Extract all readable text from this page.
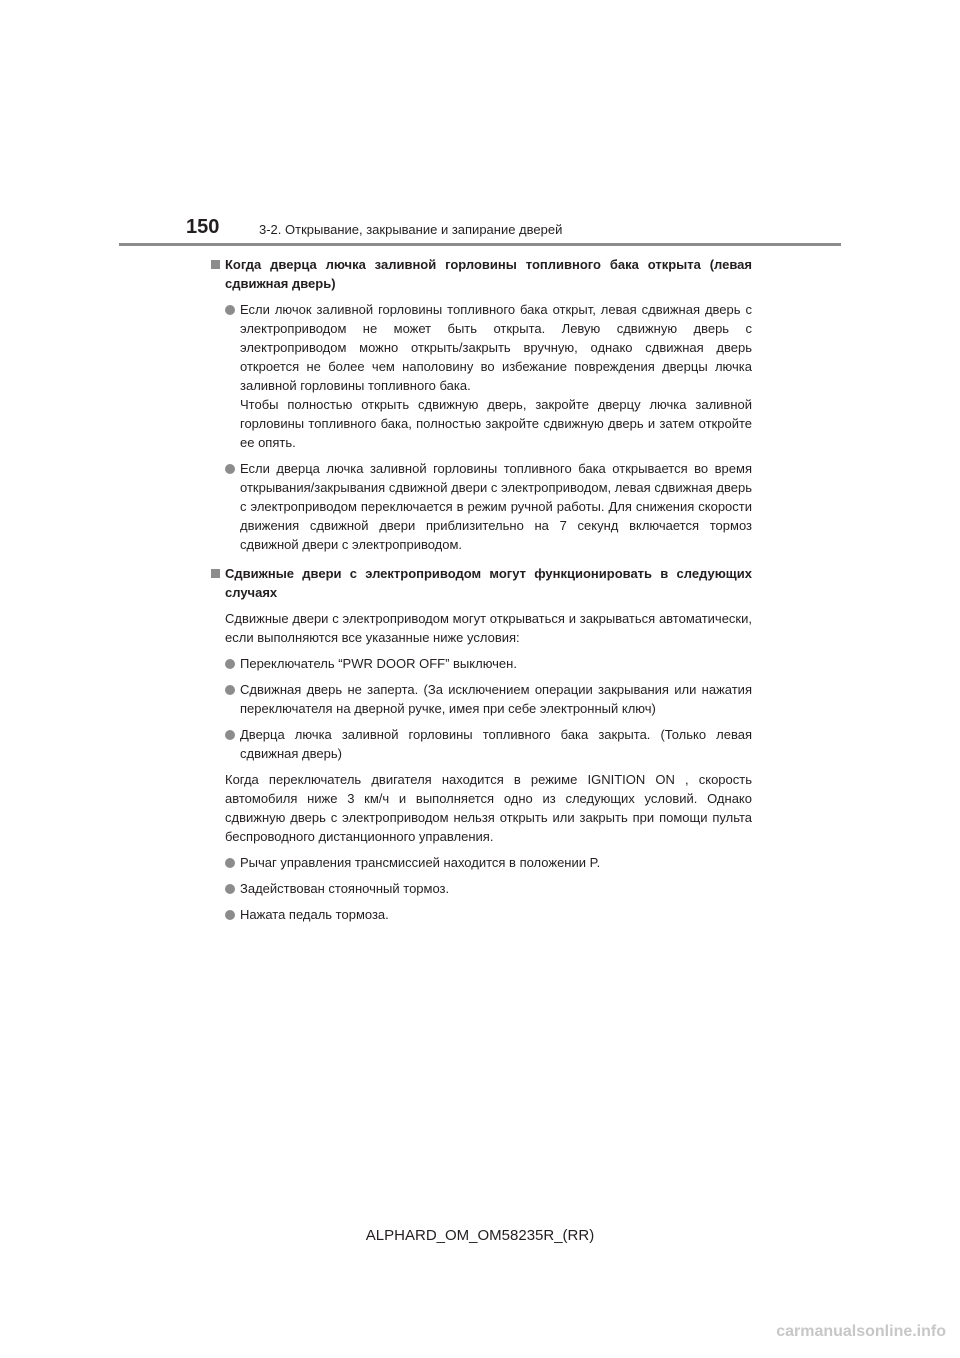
150	3-2. Открывание, закрывание и запирание дверей
Когда дверца лючка заливной горловины топливного бака открыта (левая сдвижная дверь)

Если лючок заливной горловины топливного бака открыт, левая сдвижная дверь с электроприводом не может быть открыта. Левую сдвижную дверь с электроприводом можно открыть/закрыть вручную, однако сдвижная дверь откроется не более чем наполовину во избежание повреждения дверцы лючка заливной горловины топливного бака.

Чтобы полностью открыть сдвижную дверь, закройте дверцу лючка заливной горловины топливного бака, полностью закройте сдвижную дверь и затем откройте ее опять.

Если дверца лючка заливной горловины топливного бака открывается во время открывания/закрывания сдвижной двери с электроприводом, левая сдвижная дверь с электроприводом переключается в режим ручной работы. Для снижения скорости движения сдвижной двери приблизительно на 7 секунд включается тормоз сдвижной двери с электроприводом.

Сдвижные двери с электроприводом могут функционировать в следующих случаях
Сдвижные двери с электроприводом могут открываться и закрываться автоматически, если выполняются все указанные ниже условия:

Переключатель “PWR DOOR OFF” выключен.

Сдвижная дверь не заперта. (За исключением операции закрывания или нажатия переключателя на дверной ручке, имея при себе электронный ключ)

Дверца лючка заливной горловины топливного бака закрыта. (Только левая сдвижная дверь)

Когда переключатель двигателя находится в режиме IGNITION ON , скорость автомобиля ниже 3 км/ч и выполняется одно из следующих условий. Однако сдвижную дверь с электроприводом нельзя открыть или закрыть при помощи пульта беспроводного дистанционного управления.

Рычаг управления трансмиссией находится в положении P.

Задействован стояночный тормоз.

Нажата педаль тормоза.

ALPHARD_OM_OM58235R_(RR)
carmanualsonline.info
